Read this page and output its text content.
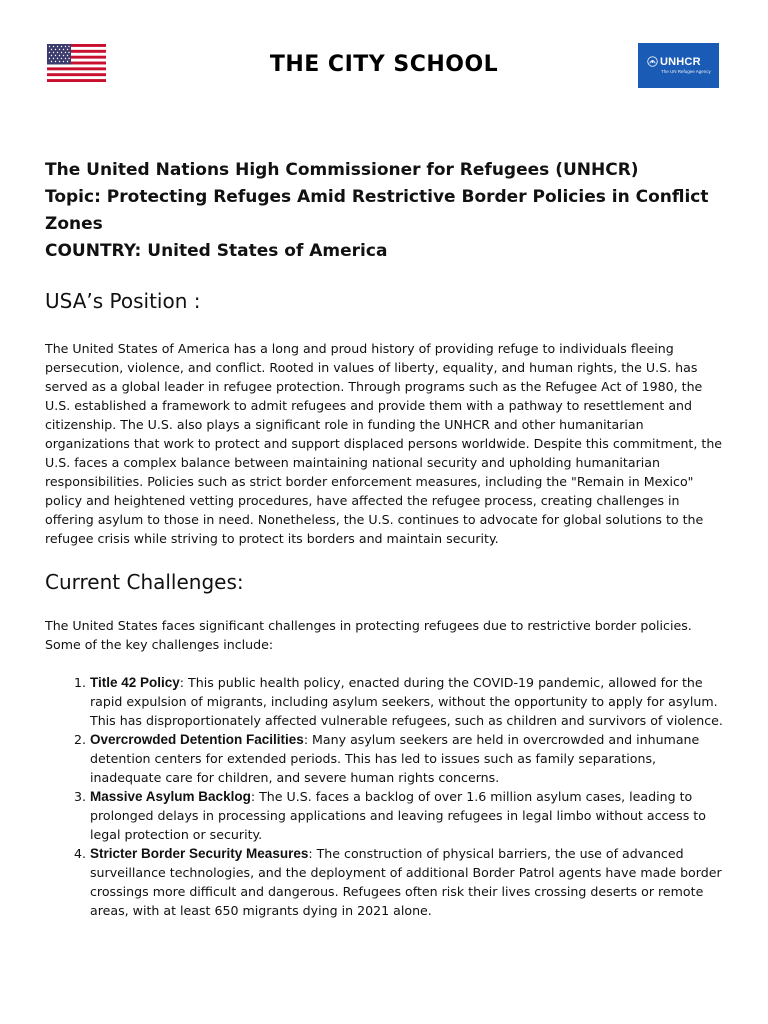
THE CITY SCHOOL	UNHCR
The UN Refugee Agency

The United Nations High Commissioner for Refugees (UNHCR)

Topic: Protecting Refuges Amid Restrictive Border Policies in Conflict Zones

COUNTRY: United States of America

USA’s Position :

The United States of America has a long and proud history of providing refuge to individuals fleeing persecution, violence, and conflict. Rooted in values of liberty, equality, and human rights, the U.S. has served as a global leader in refugee protection. Through programs such as the Refugee Act of 1980, the U.S. established a framework to admit refugees and provide them with a pathway to resettlement and citizenship. The U.S. also plays a significant role in funding the UNHCR and other humanitarian organizations that work to protect and support displaced persons worldwide. Despite this commitment, the U.S. faces a complex balance between maintaining national security and upholding humanitarian responsibilities. Policies such as strict border enforcement measures, including the "Remain in Mexico" policy and heightened vetting procedures, have affected the refugee process, creating challenges in offering asylum to those in need. Nonetheless, the U.S. continues to advocate for global solutions to the refugee crisis while striving to protect its borders and maintain security.

Current Challenges:

The United States faces significant challenges in protecting refugees due to restrictive border policies. Some of the key challenges include:

1. Title 42 Policy: This public health policy, enacted during the COVID-19 pandemic, allowed for the rapid expulsion of migrants, including asylum seekers, without the opportunity to apply for asylum. This has disproportionately affected vulnerable refugees, such as children and survivors of violence.
2. Overcrowded Detention Facilities: Many asylum seekers are held in overcrowded and inhumane detention centers for extended periods. This has led to issues such as family separations, inadequate care for children, and severe human rights concerns.
3. Massive Asylum Backlog: The U.S. faces a backlog of over 1.6 million asylum cases, leading to prolonged delays in processing applications and leaving refugees in legal limbo without access to legal protection or security.
4. Stricter Border Security Measures: The construction of physical barriers, the use of advanced surveillance technologies, and the deployment of additional Border Patrol agents have made border crossings more difficult and dangerous. Refugees often risk their lives crossing deserts or remote areas, with at least 650 migrants dying in 2021 alone.
